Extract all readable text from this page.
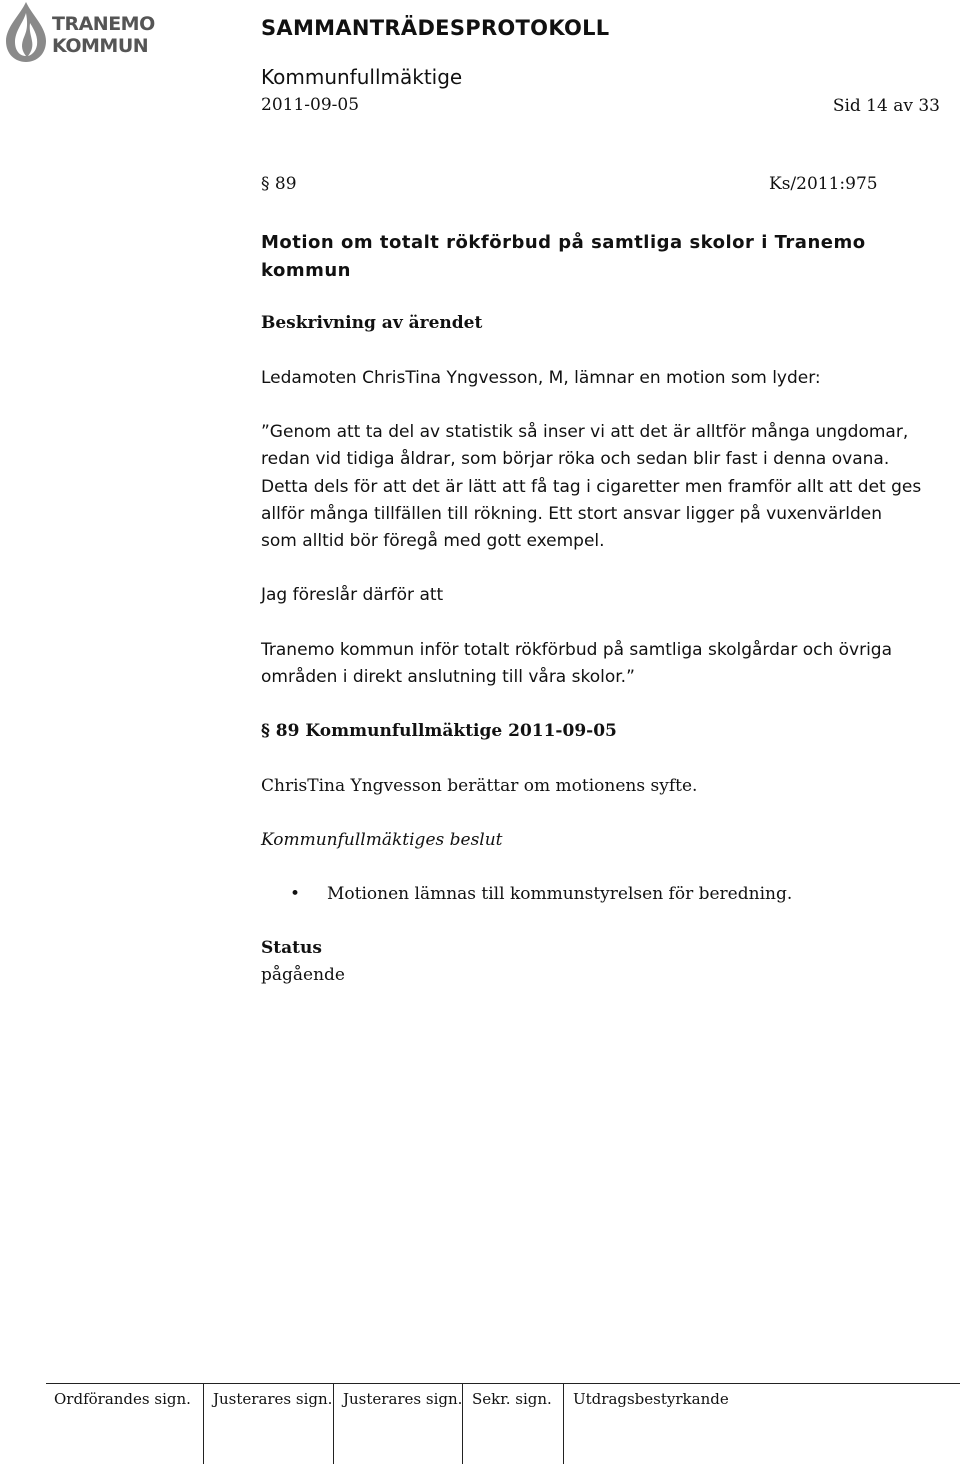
TRANEMO
KOMMUN
SAMMANTRÄDESPROTOKOLL
Kommunfullmäktige
2011-09-05	Sid 14 av 33
§ 89	Ks/2011:975
Motion om totalt rökförbud på samtliga skolor i Tranemo kommun
Beskrivning av ärendet
Ledamoten ChrisTina Yngvesson, M, lämnar en motion som lyder:
”Genom att ta del av statistik så inser vi att det är alltför många ungdomar,
redan vid tidiga åldrar, som börjar röka och sedan blir fast i denna ovana.
Detta dels för att det är lätt att få tag i cigaretter men framför allt att det ges
allför många tillfällen till rökning. Ett stort ansvar ligger på vuxenvärlden
som alltid bör föregå med gott exempel.
Jag föreslår därför att
Tranemo kommun inför totalt rökförbud på samtliga skolgårdar och övriga
områden i direkt anslutning till våra skolor.”
§ 89 Kommunfullmäktige 2011-09-05
ChrisTina Yngvesson berättar om motionens syfte.
Kommunfullmäktiges beslut
• Motionen lämnas till kommunstyrelsen för beredning.
Status
pågående
Ordförandes sign. Justerares sign. Justerares sign. Sekr. sign. Utdragsbestyrkande
